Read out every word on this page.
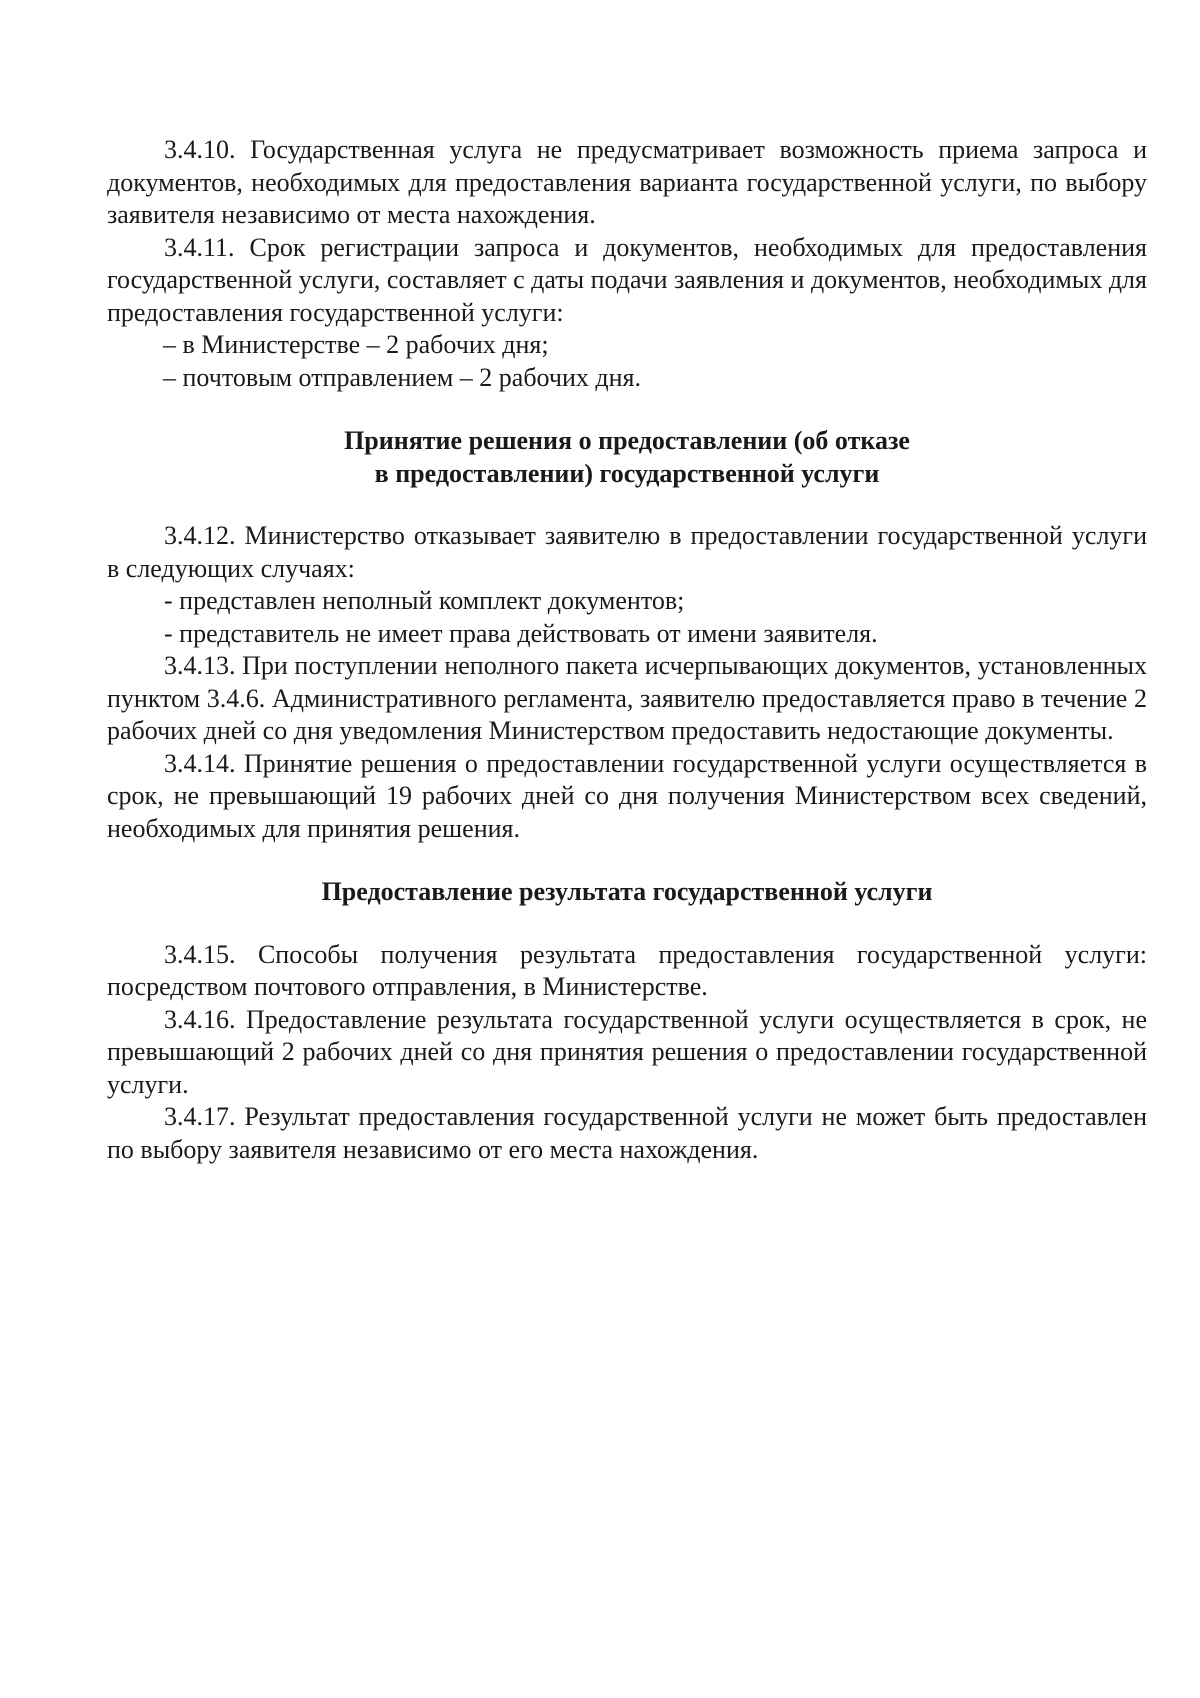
3.4.10. Государственная услуга не предусматривает возможность приема запроса и документов, необходимых для предоставления варианта государственной услуги, по выбору заявителя независимо от места нахождения.

3.4.11. Срок регистрации запроса и документов, необходимых для предоставления государственной услуги, составляет с даты подачи заявления и документов, необходимых для предоставления государственной услуги:

– в Министерстве – 2 рабочих дня;

– почтовым отправлением – 2 рабочих дня.

Принятие решения о предоставлении (об отказе

в предоставлении) государственной услуги

3.4.12. Министерство отказывает заявителю в предоставлении государственной услуги в следующих случаях:

- представлен неполный комплект документов;

- представитель не имеет права действовать от имени заявителя.

3.4.13. При поступлении неполного пакета исчерпывающих документов, установленных пунктом 3.4.6. Административного регламента, заявителю предоставляется право в течение 2 рабочих дней со дня уведомления Министерством предоставить недостающие документы.

3.4.14. Принятие решения о предоставлении государственной услуги осуществляется в срок, не превышающий 19 рабочих дней со дня получения Министерством всех сведений, необходимых для принятия решения.

Предоставление результата государственной услуги

3.4.15. Способы получения результата предоставления государственной услуги: посредством почтового отправления, в Министерстве.

3.4.16. Предоставление результата государственной услуги осуществляется в срок, не превышающий 2 рабочих дней со дня принятия решения о предоставлении государственной услуги.

3.4.17. Результат предоставления государственной услуги не может быть предоставлен по выбору заявителя независимо от его места нахождения.
